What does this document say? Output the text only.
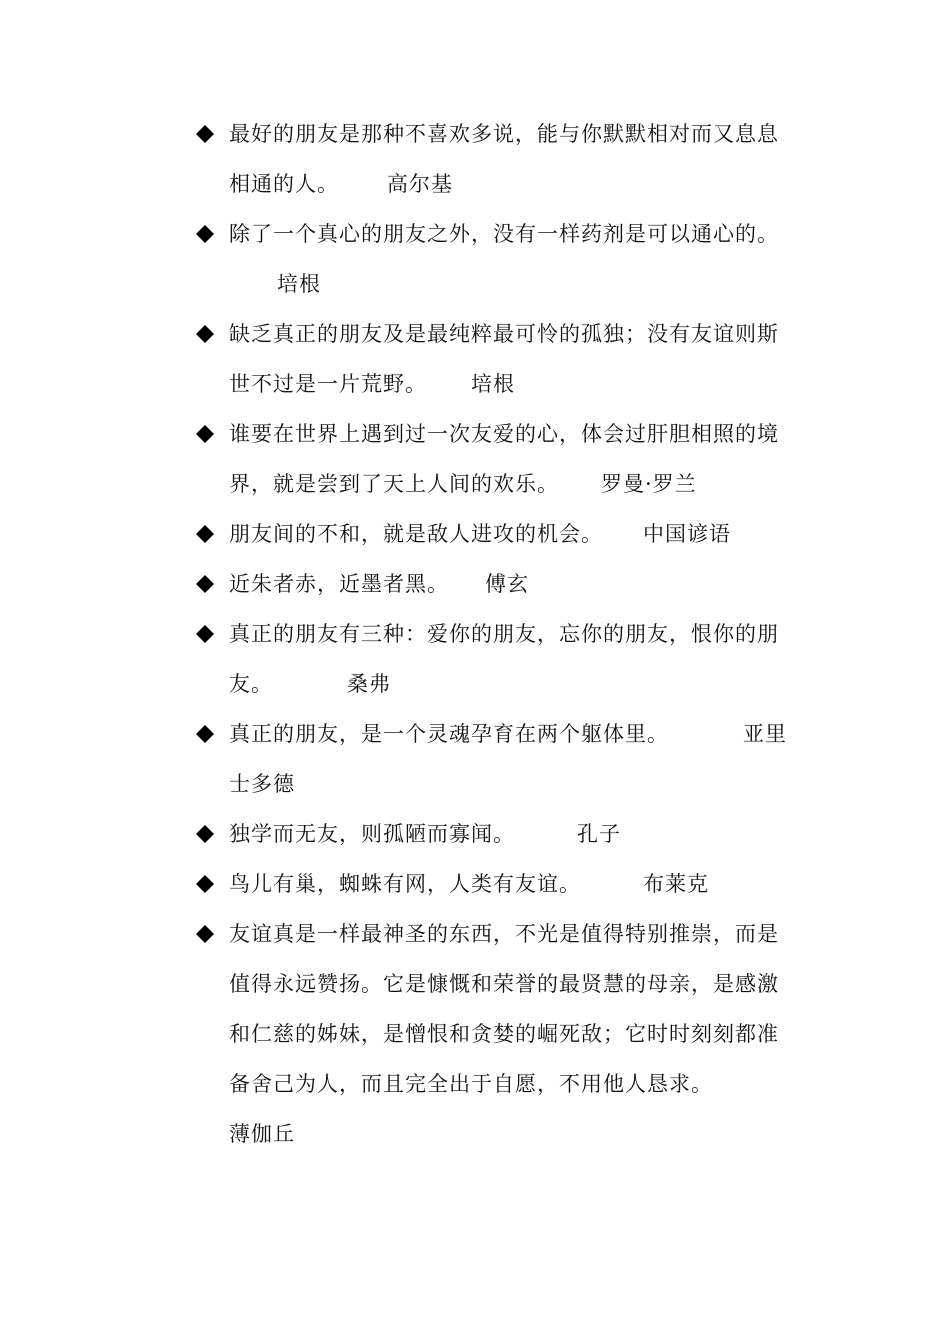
最好的朋友是那种不喜欢多说，能与你默默相对而又息息
相通的人。 高尔基
除了一个真心的朋友之外，没有一样药剂是可以通心的。
培根
缺乏真正的朋友及是最纯粹最可怜的孤独；没有友谊则斯
世不过是一片荒野。 培根
谁要在世界上遇到过一次友爱的心，体会过肝胆相照的境
界，就是尝到了天上人间的欢乐。 罗曼·罗兰
朋友间的不和，就是敌人进攻的机会。 中国谚语
近朱者赤，近墨者黑。 傅玄
真正的朋友有三种：爱你的朋友，忘你的朋友，恨你的朋
友。	桑弗
真正的朋友，是一个灵魂孕育在两个躯体里。	亚里
士多德
独学而无友，则孤陋而寡闻。	孔子
鸟儿有巢，蜘蛛有网，人类有友谊。	布莱克
友谊真是一样最神圣的东西，不光是值得特别推崇，而是
值得永远赞扬。它是慷慨和荣誉的最贤慧的母亲，是感激
和仁慈的姊妹，是憎恨和贪婪的崛死敌；它时时刻刻都准
备舍己为人，而且完全出于自愿，不用他人恳求。
薄伽丘
